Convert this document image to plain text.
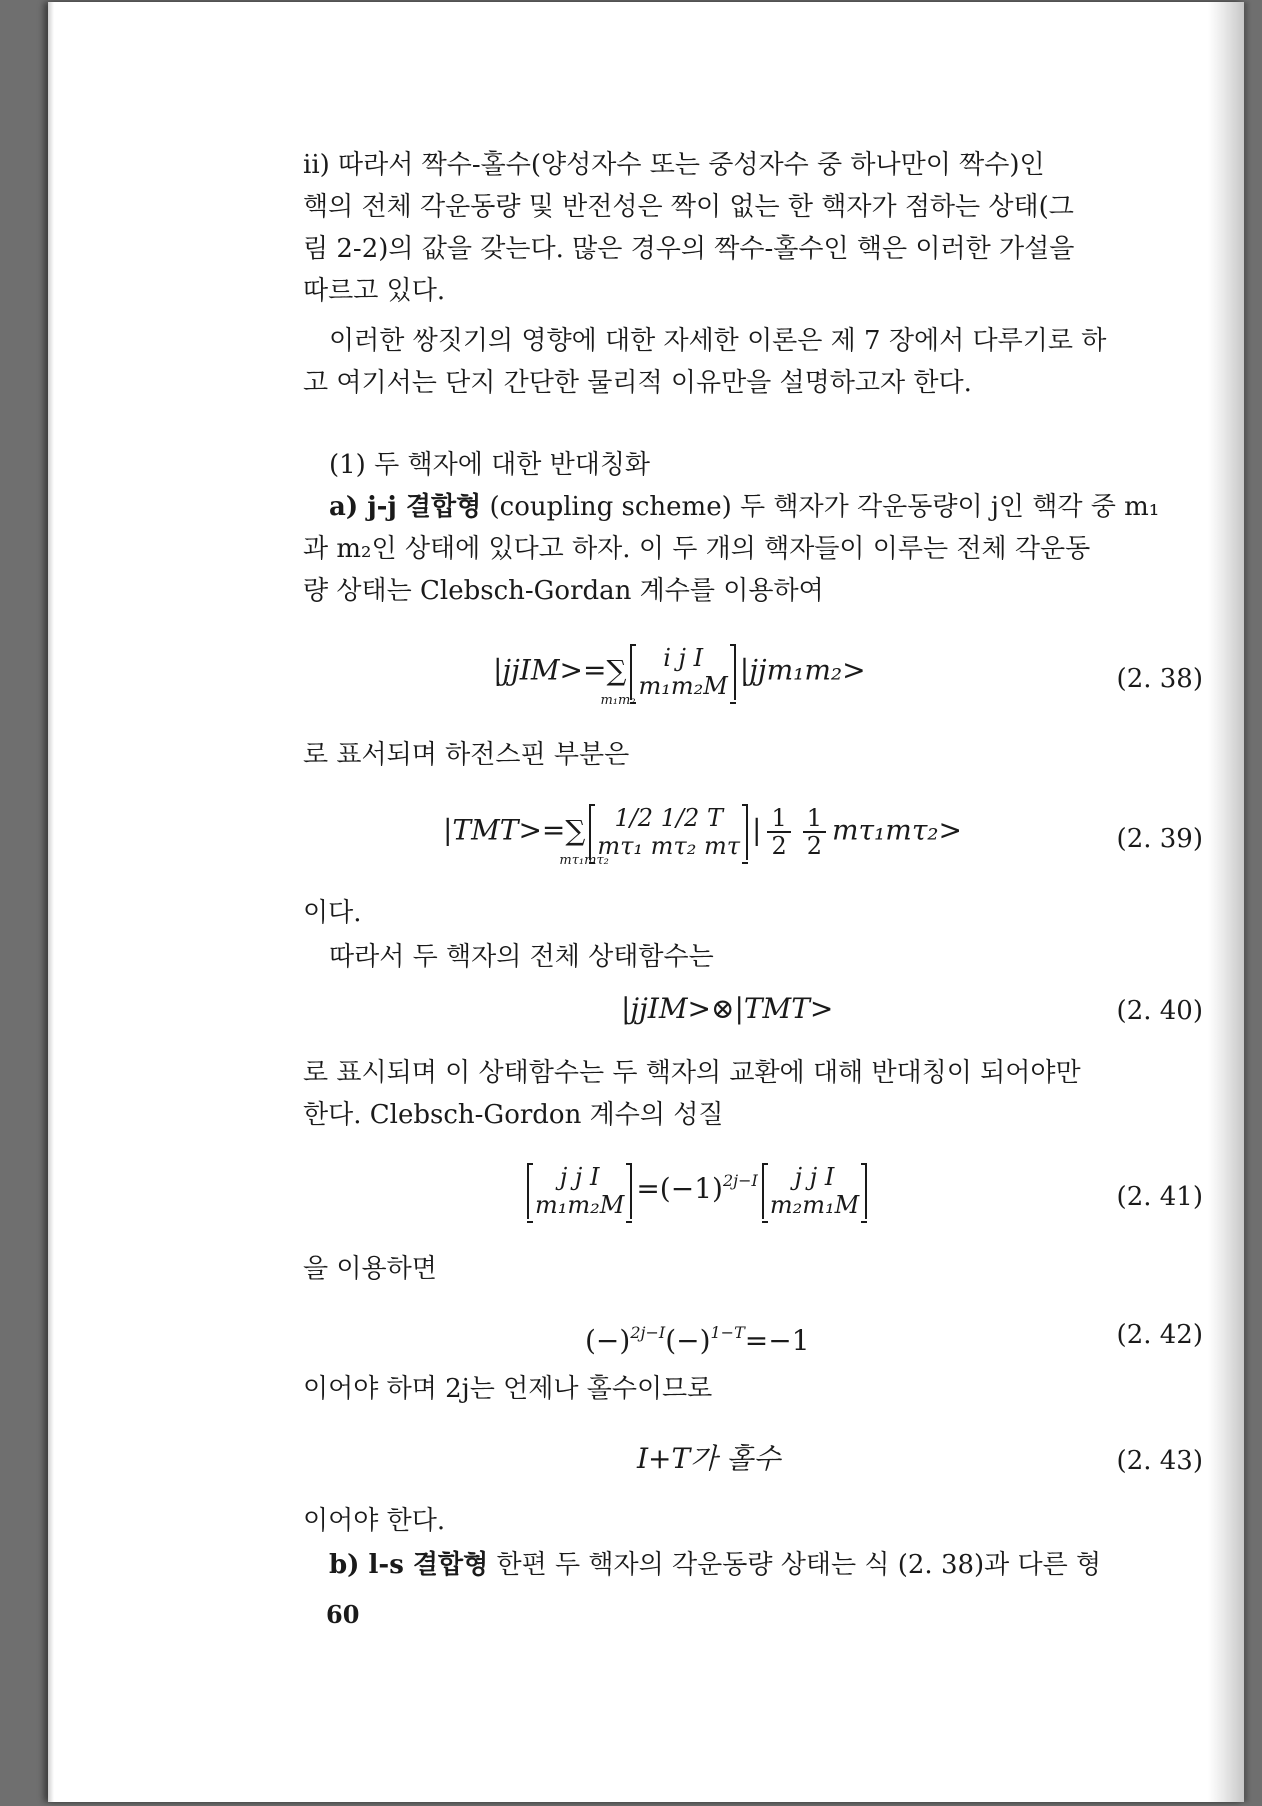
ii) 따라서 짝수-홀수(양성자수 또는 중성자수 중 하나만이 짝수)인
핵의 전체 각운동량 및 반전성은 짝이 없는 한 핵자가 점하는 상태(그
림 2-2)의 값을 갖는다. 많은 경우의 짝수-홀수인 핵은 이러한 가설을
따르고 있다.
이러한 쌍짓기의 영향에 대한 자세한 이론은 제 7 장에서 다루기로 하
고 여기서는 단지 간단한 물리적 이유만을 설명하고자 한다.
(1) 두 핵자에 대한 반대칭화
a) j-j 결합형 (coupling scheme) 두 핵자가 각운동량이 j인 핵각 중 m₁
과 m₂인 상태에 있다고 하자. 이 두 개의 핵자들이 이루는 전체 각운동
량 상태는 Clebsch-Gordan 계수를 이용하여
|jjIM>=∑
m₁m₂
i j I
m₁m₂M |jjm₁m₂>	(2. 38)
로 표서되며 하전스핀 부분은
|TMT>=∑
mτ₁mτ₂
1/2 1/2 T
mτ₁ mτ₂ mτ | $\frac{1}{2} \frac{1}{2} m\tau_1m\tau_2>$	(2. 39)
이다.
따라서 두 핵자의 전체 상태함수는
|jjIM>⊗|TMT>	(2. 40)
로 표시되며 이 상태함수는 두 핵자의 교환에 대해 반대칭이 되어야만
한다. Clebsch-Gordon 계수의 성질
j j I
$m_1m_2M =(-1)^{2j-I}$	j j I
m₂m₁M	(2. 41)
을 이용하면
$(-)^{2j-I}(-)^{1-T}=-1$	(2. 42)
이어야 하며 2j는 언제나 홀수이므로
I+T가 홀수	(2. 43)
이어야 한다.
b) l-s 결합형 한편 두 핵자의 각운동량 상태는 식 (2. 38)과 다른 형
60
